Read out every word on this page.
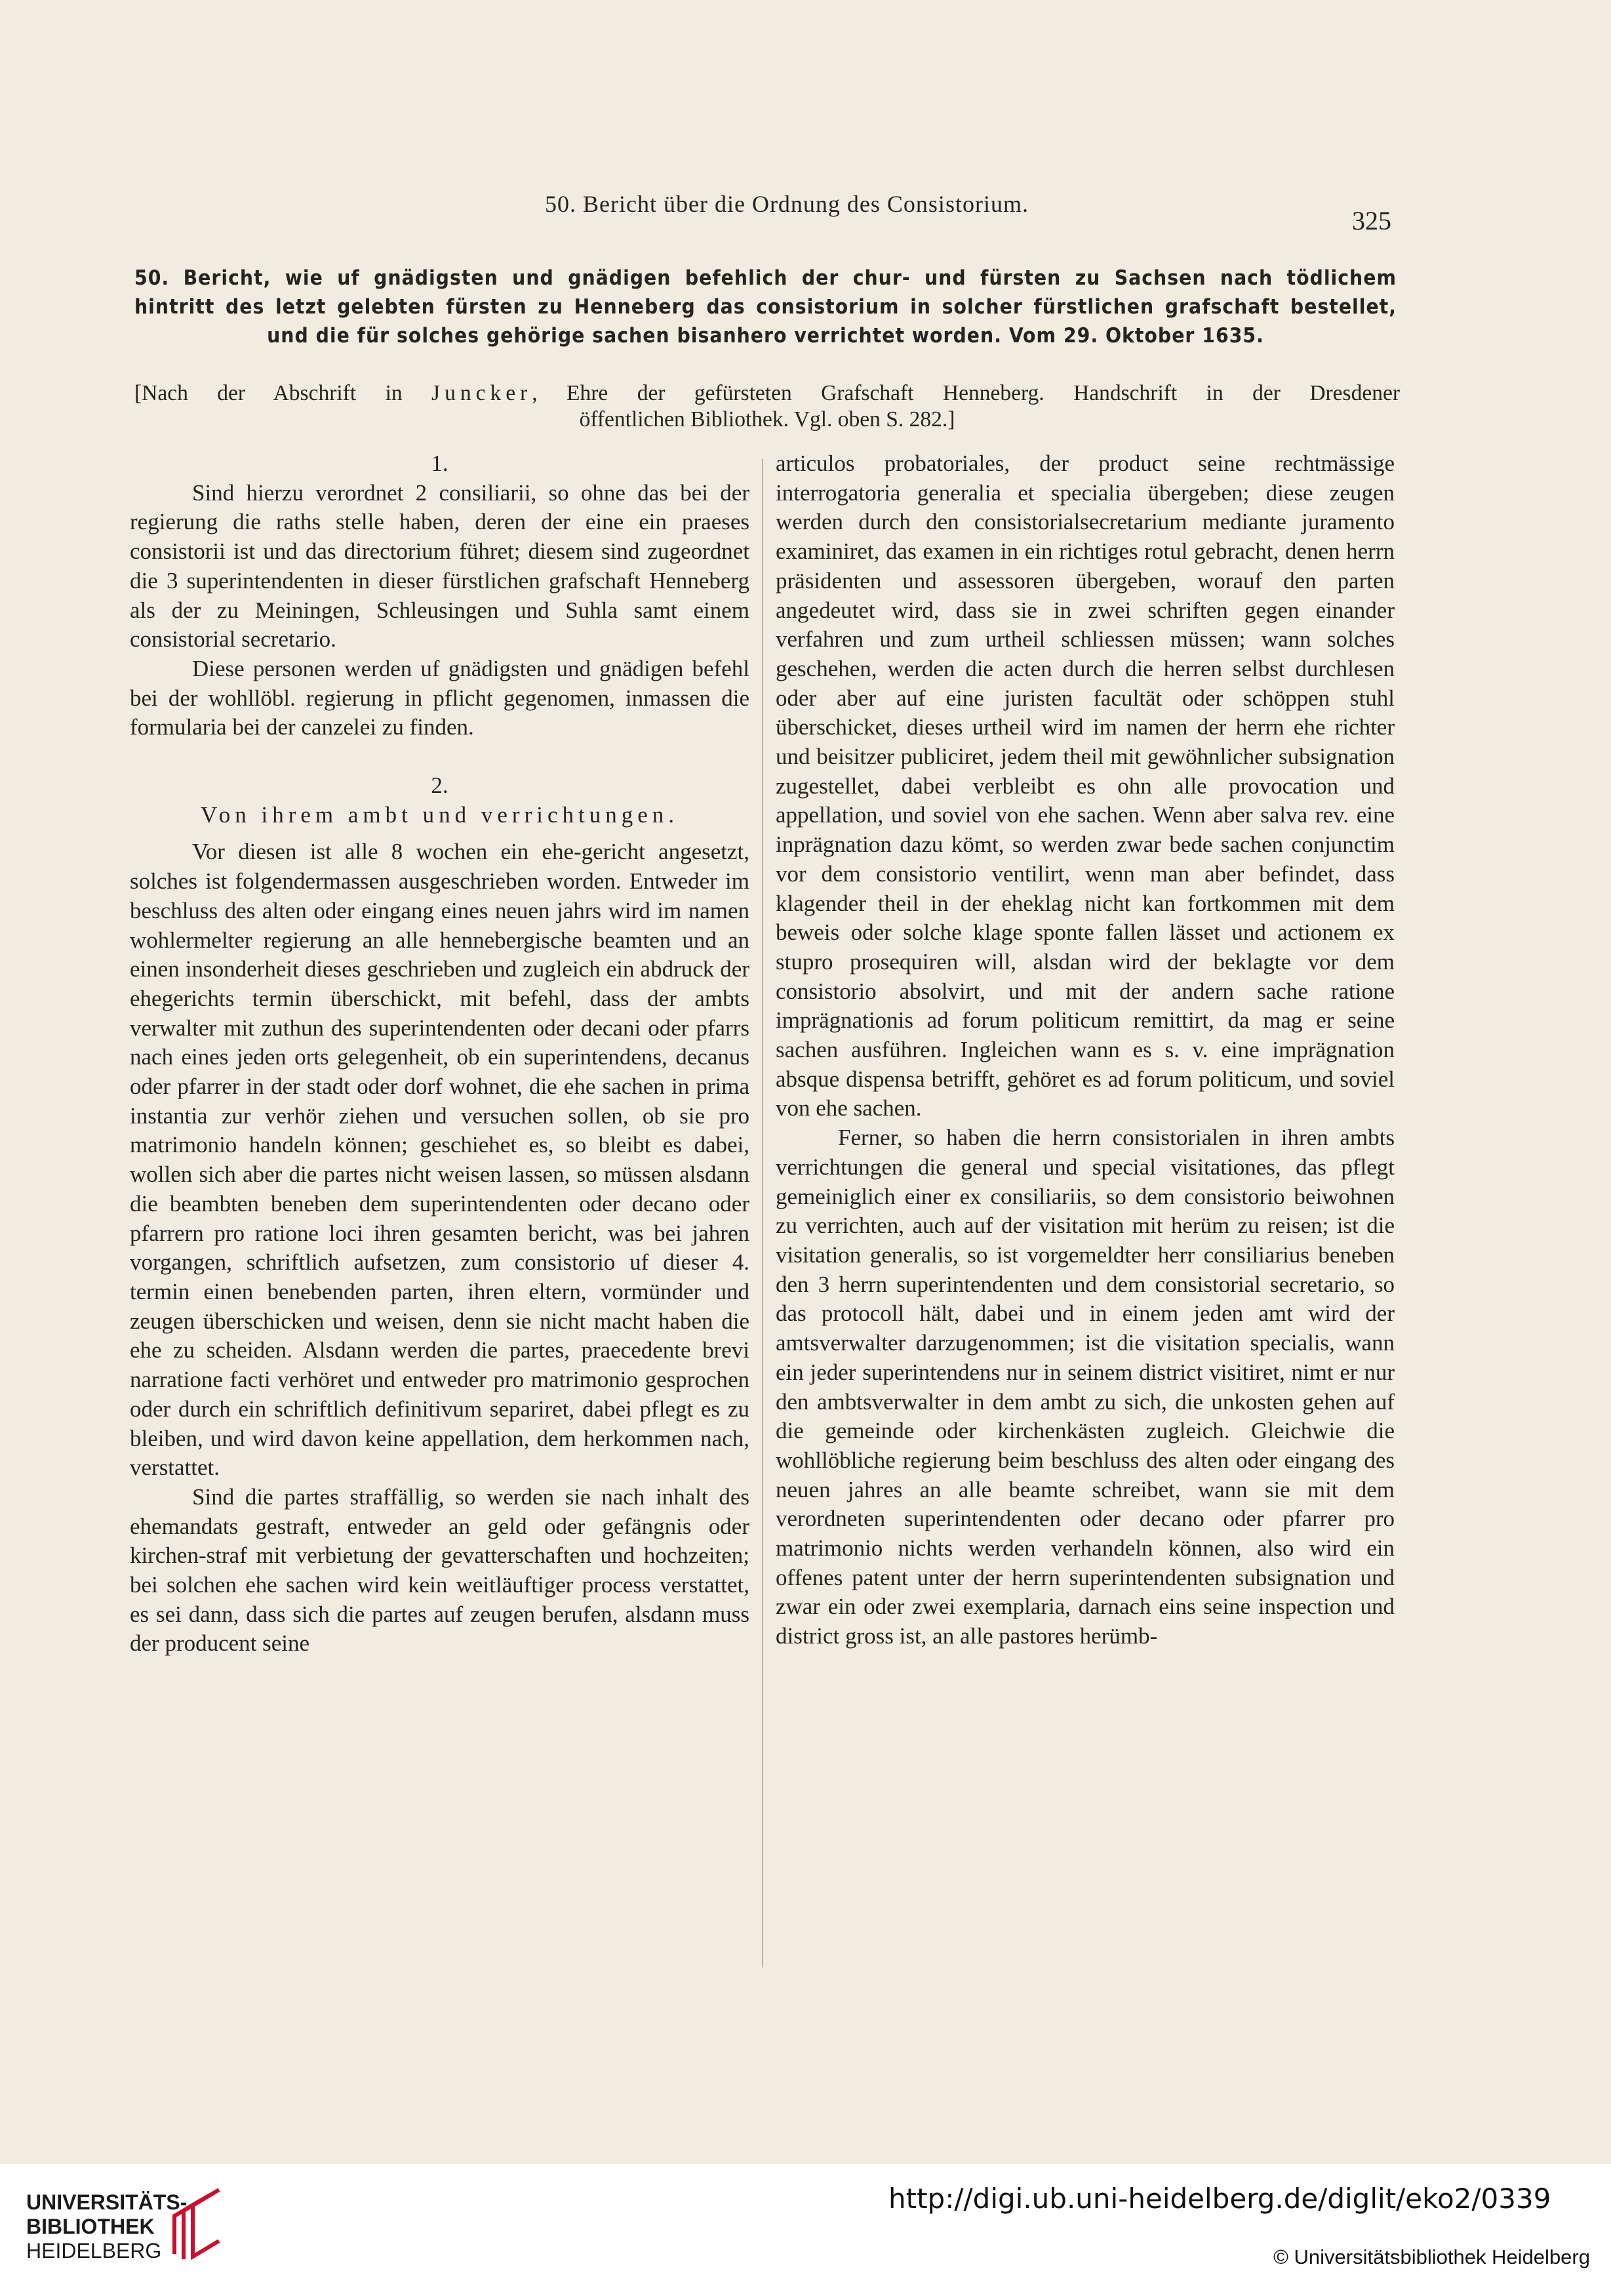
50. Bericht über die Ordnung des Consistorium.
325
50. Bericht, wie uf gnädigsten und gnädigen befehlich der chur- und fürsten zu Sachsen nach tödlichem
hintritt des letzt gelebten fürsten zu Henneberg das consistorium in solcher fürstlichen grafschaft bestellet,
und die für solches gehörige sachen bisanhero verrichtet worden. Vom 29. Oktober 1635.
[Nach der Abschrift in Juncker, Ehre der gefürsteten Grafschaft Henneberg. Handschrift in der Dresdener
öffentlichen Bibliothek. Vgl. oben S. 282.]
1.

Sind hierzu verordnet 2 consiliarii, so ohne das bei der regierung die raths stelle haben, deren der eine ein praeses consistorii ist und das directorium führet; diesem sind zugeordnet die 3 superintendenten in dieser fürstlichen grafschaft Henneberg als der zu Meiningen, Schleusingen und Suhla samt einem consistorial secretario.

Diese personen werden uf gnädigsten und gnädigen befehl bei der wohllöbl. regierung in pflicht gegenomen, inmassen die formularia bei der canzelei zu finden.

2.
Von ihrem ambt und verrichtungen.

Vor diesen ist alle 8 wochen ein ehe-gericht angesetzt, solches ist folgendermassen ausgeschrieben worden. Entweder im beschluss des alten oder eingang eines neuen jahrs wird im namen wohlermelter regierung an alle hennebergische beamten und an einen insonderheit dieses geschrieben und zugleich ein abdruck der ehegerichts termin überschickt, mit befehl, dass der ambts verwalter mit zuthun des superintendenten oder decani oder pfarrs nach eines jeden orts gelegenheit, ob ein superintendens, decanus oder pfarrer in der stadt oder dorf wohnet, die ehe sachen in prima instantia zur verhör ziehen und versuchen sollen, ob sie pro matrimonio handeln können; geschiehet es, so bleibt es dabei, wollen sich aber die partes nicht weisen lassen, so müssen alsdann die beambten beneben dem superintendenten oder decano oder pfarrern pro ratione loci ihren gesamten bericht, was bei jahren vorgangen, schriftlich aufsetzen, zum consistorio uf dieser 4. termin einen benebenden parten, ihren eltern, vormünder und zeugen überschicken und weisen, denn sie nicht macht haben die ehe zu scheiden. Alsdann werden die partes, praecedente brevi narratione facti verhöret und entweder pro matrimonio gesprochen oder durch ein schriftlich definitivum separiret, dabei pflegt es zu bleiben, und wird davon keine appellation, dem herkommen nach, verstattet.

Sind die partes straffällig, so werden sie nach inhalt des ehemandats gestraft, entweder an geld oder gefängnis oder kirchen-straf mit verbietung der gevatterschaften und hochzeiten; bei solchen ehe sachen wird kein weitläuftiger process verstattet, es sei dann, dass sich die partes auf zeugen berufen, alsdann muss der producent seine

articulos probatoriales, der product seine rechtmässige interrogatoria generalia et specialia übergeben; diese zeugen werden durch den consistorialsecretarium mediante juramento examiniret, das examen in ein richtiges rotul gebracht, denen herrn präsidenten und assessoren übergeben, worauf den parten angedeutet wird, dass sie in zwei schriften gegen einander verfahren und zum urtheil schliessen müssen; wann solches geschehen, werden die acten durch die herren selbst durchlesen oder aber auf eine juristen facultät oder schöppen stuhl überschicket, dieses urtheil wird im namen der herrn ehe richter und beisitzer publiciret, jedem theil mit gewöhnlicher subsignation zugestellet, dabei verbleibt es ohn alle provocation und appellation, und soviel von ehe sachen. Wenn aber salva rev. eine inprägnation dazu kömt, so werden zwar bede sachen conjunctim vor dem consistorio ventilirt, wenn man aber befindet, dass klagender theil in der eheklag nicht kan fortkommen mit dem beweis oder solche klage sponte fallen lässet und actionem ex stupro prosequiren will, alsdan wird der beklagte vor dem consistorio absolvirt, und mit der andern sache ratione imprägnationis ad forum politicum remittirt, da mag er seine sachen ausführen. Ingleichen wann es s. v. eine imprägnation absque dispensa betrifft, gehöret es ad forum politicum, und soviel von ehe sachen.

Ferner, so haben die herrn consistorialen in ihren ambts verrichtungen die general und special visitationes, das pflegt gemeiniglich einer ex consiliariis, so dem consistorio beiwohnen zu verrichten, auch auf der visitation mit herüm zu reisen; ist die visitation generalis, so ist vorgemeldter herr consiliarius beneben den 3 herrn superintendenten und dem consistorial secretario, so das protocoll hält, dabei und in einem jeden amt wird der amtsverwalter darzugenommen; ist die visitation specialis, wann ein jeder superintendens nur in seinem district visitiret, nimt er nur den ambtsverwalter in dem ambt zu sich, die unkosten gehen auf die gemeinde oder kirchenkästen zugleich. Gleichwie die wohllöbliche regierung beim beschluss des alten oder eingang des neuen jahres an alle beamte schreibet, wann sie mit dem verordneten superintendenten oder decano oder pfarrer pro matrimonio nichts werden verhandeln können, also wird ein offenes patent unter der herrn superintendenten subsignation und zwar ein oder zwei exemplaria, darnach eins seine inspection und district gross ist, an alle pastores herümb-

UNIVERSITÄTS-
BIBLIOTHEK
HEIDELBERG
http://digi.ub.uni-heidelberg.de/diglit/eko2/0339
© Universitätsbibliothek Heidelberg
